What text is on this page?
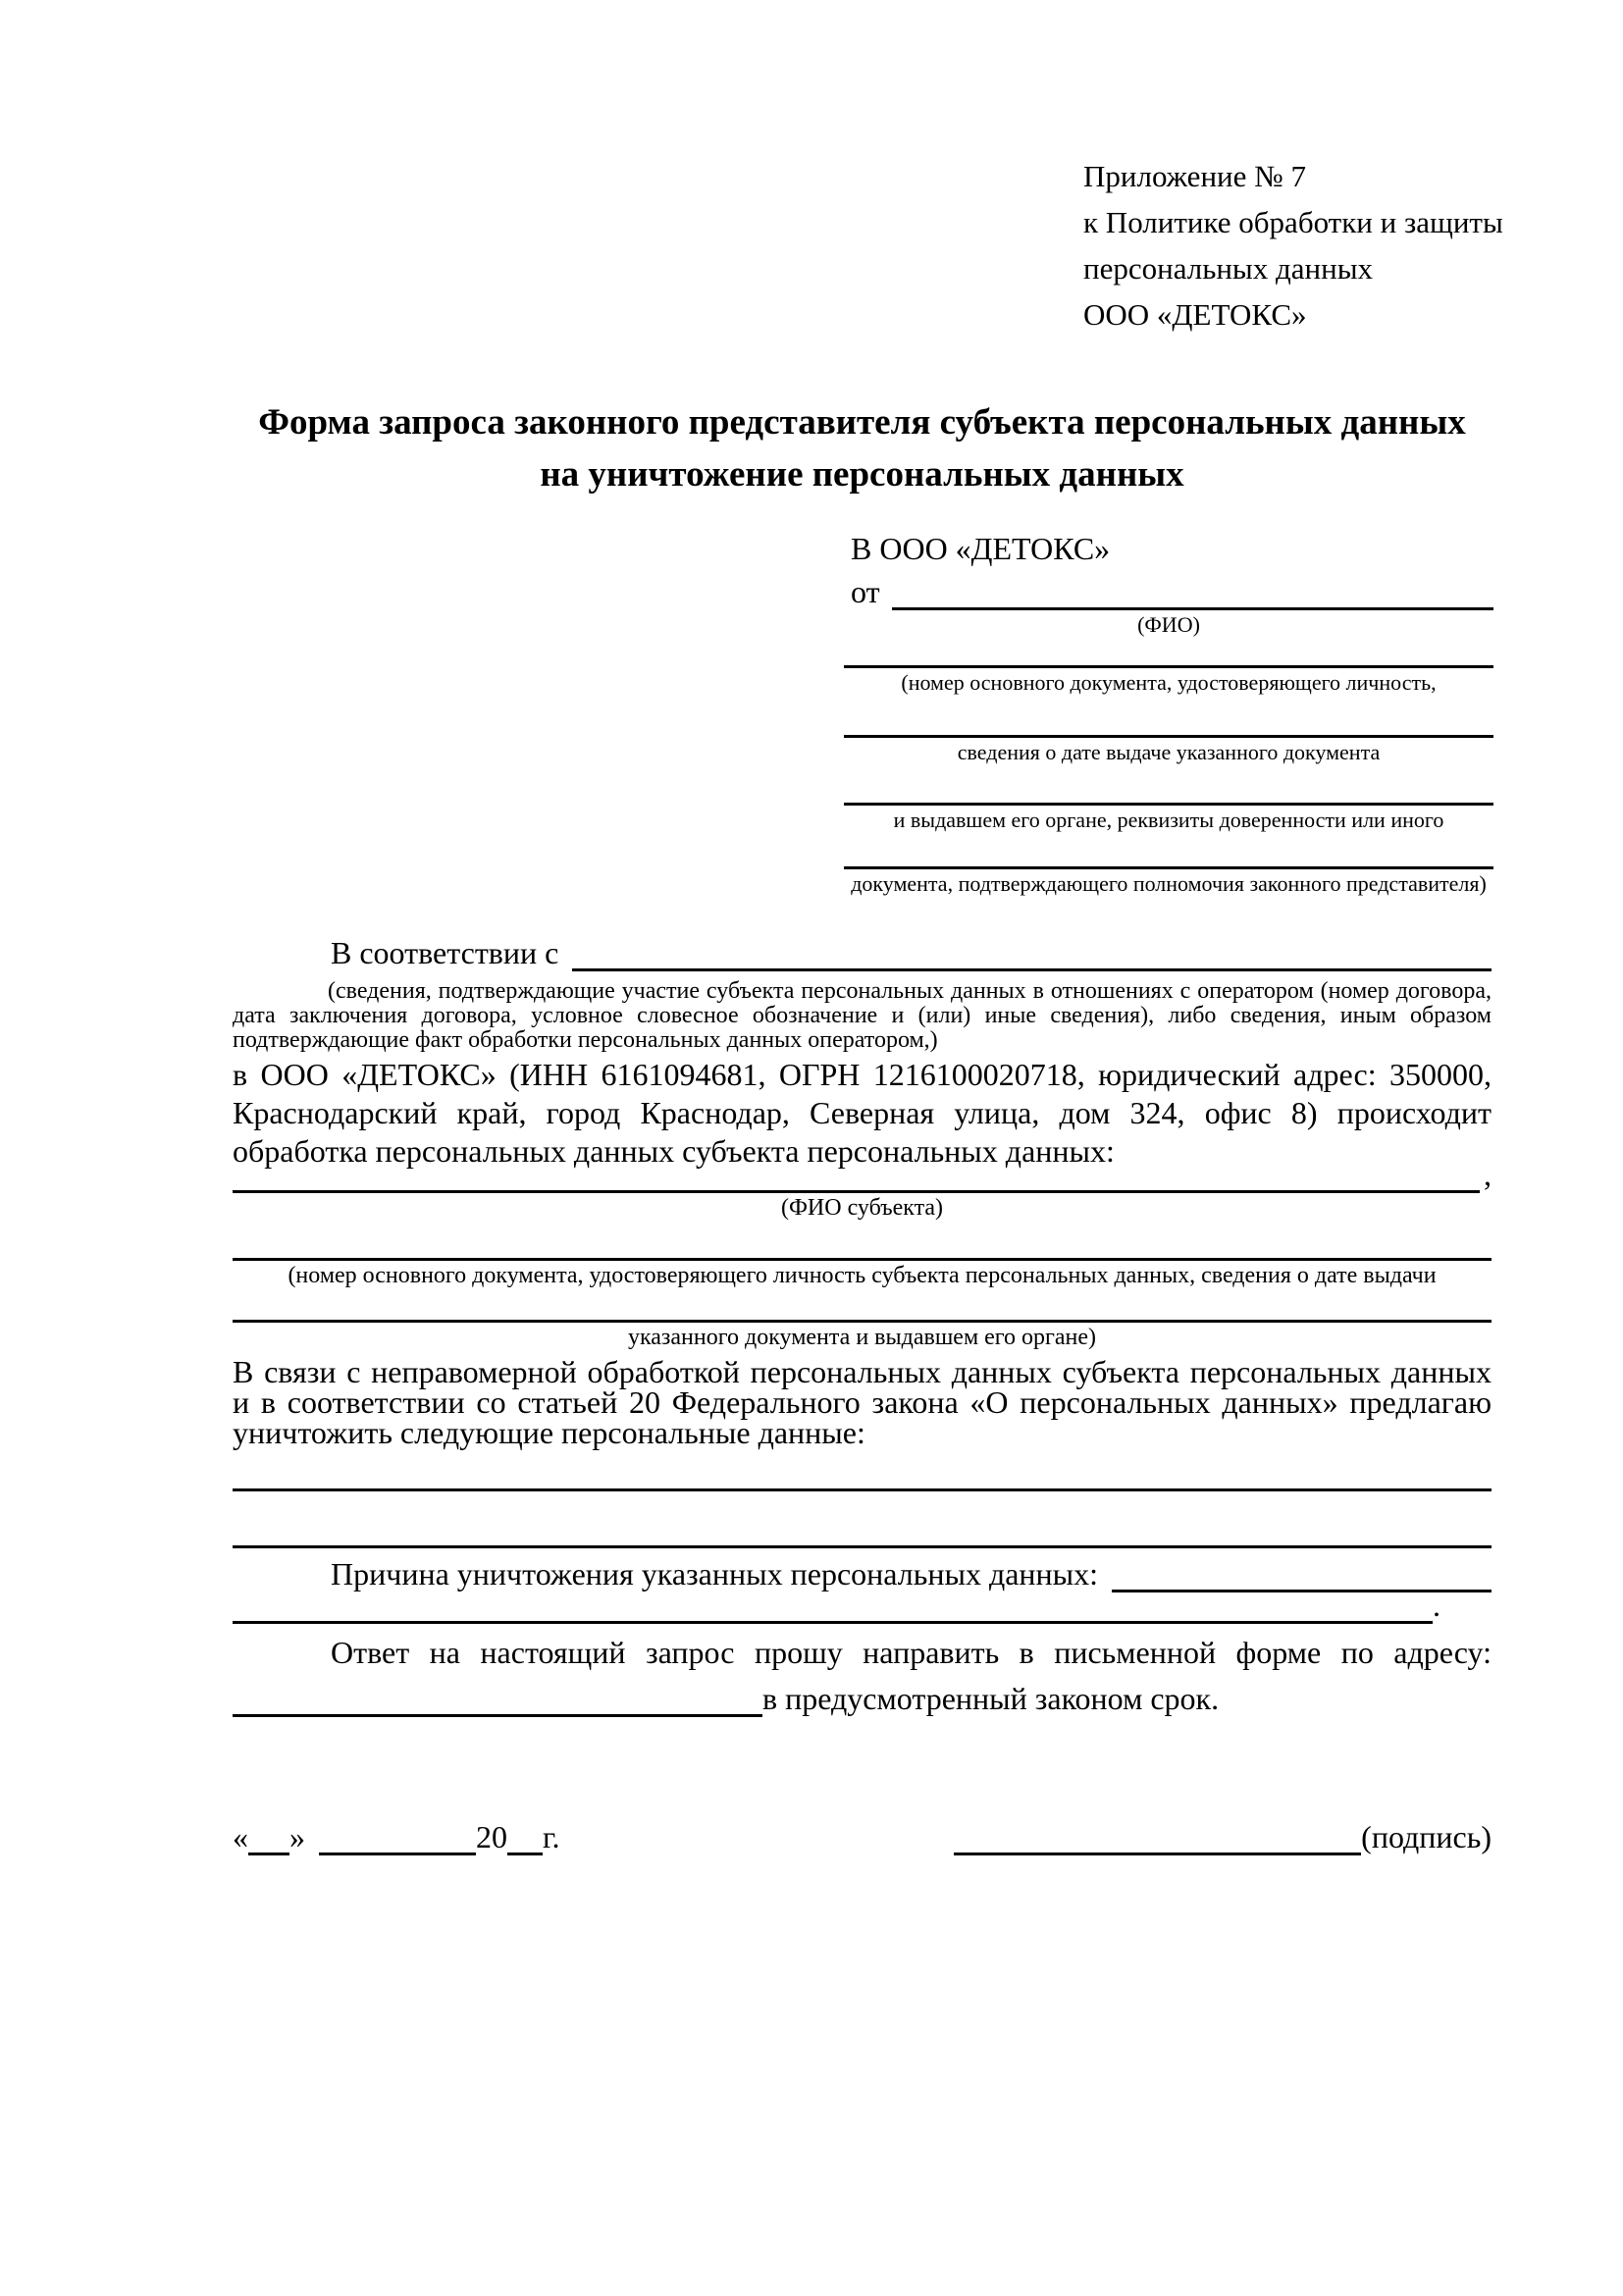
Приложение № 7
к Политике обработки и защиты
персональных данных
ООО «ДЕТОКС»
Форма запроса законного представителя субъекта персональных данных
на уничтожение персональных данных
В ООО «ДЕТОКС»
от
(ФИО)
(номер основного документа, удостоверяющего личность,
сведения о дате выдаче указанного документа
и выдавшем его органе, реквизиты доверенности или иного
документа, подтверждающего полномочия законного представителя)
В соответствии с
(сведения, подтверждающие участие субъекта персональных данных в отношениях с оператором (номер договора, дата заключения договора, условное словесное обозначение и (или) иные сведения), либо сведения, иным образом подтверждающие факт обработки персональных данных оператором,)
в ООО «ДЕТОКС» (ИНН 6161094681, ОГРН 1216100020718, юридический адрес: 350000, Краснодарский край, город Краснодар, Северная улица, дом 324, офис 8) происходит обработка персональных данных субъекта персональных данных:
,
(ФИО субъекта)
(номер основного документа, удостоверяющего личность субъекта персональных данных, сведения о дате выдачи
указанного документа и выдавшем его органе)
В связи с неправомерной обработкой персональных данных субъекта персональных данных и в соответствии со статьей 20 Федерального закона «О персональных данных» предлагаю уничтожить следующие персональные данные:
Причина уничтожения указанных персональных данных:
.
Ответ на настоящий запрос прошу направить в письменной форме по адресу:
в предусмотренный законом срок.
« »	20 г.	(подпись)
